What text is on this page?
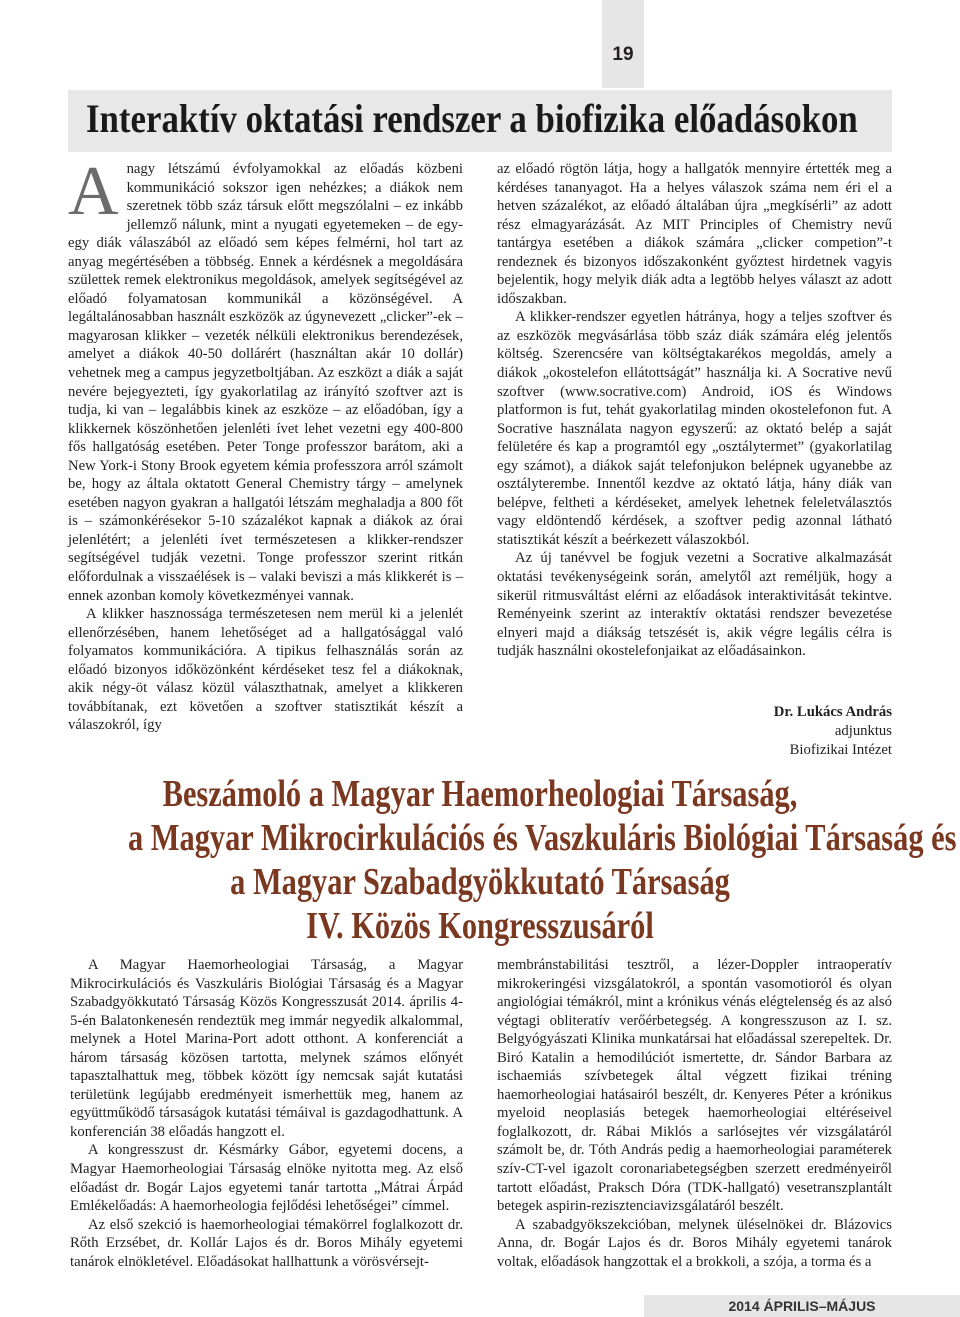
19
Interaktív oktatási rendszer a biofizika előadásokon
A nagy létszámú évfolyamokkal az előadás közbeni kommunikáció sokszor igen nehézkes; a diákok nem szeretnek több száz társuk előtt megszólalni – ez inkább jellemző nálunk, mint a nyugati egyetemeken – de egy-egy diák válaszából az előadó sem képes felmérni, hol tart az anyag megértésében a többség. Ennek a kérdésnek a megoldására születtek remek elektronikus megoldások, amelyek segítségével az előadó folyamatosan kommunikál a közönségével. A legáltalánosabban használt eszközök az úgynevezett „clicker”-ek – magyarosan klikker – vezeték nélküli elektronikus berendezések, amelyet a diákok 40-50 dollárért (használtan akár 10 dollár) vehetnek meg a campus jegyzetboltjában. Az eszközt a diák a saját nevére bejegyezteti, így gyakorlatilag az irányító szoftver azt is tudja, ki van – legalábbis kinek az eszköze – az előadóban, így a klikkernek köszönhetően jelenléti ívet lehet vezetni egy 400-800 fős hallgatóság esetében. Peter Tonge professzor barátom, aki a New York-i Stony Brook egyetem kémia professzora arról számolt be, hogy az általa oktatott General Chemistry tárgy – amelynek esetében nagyon gyakran a hallgatói létszám meghaladja a 800 főt is – számonkérésekor 5-10 százalékot kapnak a diákok az órai jelenlétért; a jelenléti ívet természetesen a klikker-rendszer segítségével tudják vezetni. Tonge professzor szerint ritkán előfordulnak a visszaélések is – valaki beviszi a más klikkerét is – ennek azonban komoly következményei vannak.

A klikker hasznossága természetesen nem merül ki a jelenlét ellenőrzésében, hanem lehetőséget ad a hallgatósággal való folyamatos kommunikációra. A tipikus felhasználás során az előadó bizonyos időközönként kérdéseket tesz fel a diákoknak, akik négy-öt válasz közül választhatnak, amelyet a klikkeren továbbítanak, ezt követően a szoftver statisztikát készít a válaszokról, így

az előadó rögtön látja, hogy a hallgatók mennyire értették meg a kérdéses tananyagot. Ha a helyes válaszok száma nem éri el a hetven százalékot, az előadó általában újra „megkísérli” az adott rész elmagyarázását. Az MIT Principles of Chemistry nevű tantárgya esetében a diákok számára „clicker competion”-t rendeznek és bizonyos időszakonként győztest hirdetnek vagyis bejelentik, hogy melyik diák adta a legtöbb helyes választ az adott időszakban.

A klikker-rendszer egyetlen hátránya, hogy a teljes szoftver és az eszközök megvásárlása több száz diák számára elég jelentős költség. Szerencsére van költségtakarékos megoldás, amely a diákok „okostelefon ellátottságát” használja ki. A Socrative nevű szoftver (www.socrative.com) Android, iOS és Windows platformon is fut, tehát gyakorlatilag minden okostelefonon fut. A Socrative használata nagyon egyszerű: az oktató belép a saját felületére és kap a programtól egy „osztálytermet” (gyakorlatilag egy számot), a diákok saját telefonjukon belépnek ugyanebbe az osztályterembe. Innentől kezdve az oktató látja, hány diák van belépve, feltheti a kérdéseket, amelyek lehetnek feleletválasztós vagy eldöntendő kérdések, a szoftver pedig azonnal látható statisztikát készít a beérkezett válaszokból.

Az új tanévvel be fogjuk vezetni a Socrative alkalmazását oktatási tevékenységeink során, amelytől azt reméljük, hogy a sikerül ritmusváltást elérni az előadások interaktivitását tekintve. Reményeink szerint az interaktív oktatási rendszer bevezetése elnyeri majd a diákság tetszését is, akik végre legális célra is tudják használni okostelefonjaikat az előadásainkon.

Dr. Lukács András
adjunktus
Biofizikai Intézet
Beszámoló a Magyar Haemorheologiai Társaság,
a Magyar Mikrocirkulációs és Vaszkuláris Biológiai Társaság és
a Magyar Szabadgyökkutató Társaság
IV. Közös Kongresszusáról

A Magyar Haemorheologiai Társaság, a Magyar Mikrocirkulációs és Vaszkuláris Biológiai Társaság és a Magyar Szabadgyökkutató Társaság Közös Kongresszusát 2014. április 4-5-én Balatonkenesén rendeztük meg immár negyedik alkalommal, melynek a Hotel Marina-Port adott otthont. A konferenciát a három társaság közösen tartotta, melynek számos előnyét tapasztalhattuk meg, többek között így nemcsak saját kutatási területünk legújabb eredményeit ismerhettük meg, hanem az együttműködő társaságok kutatási témáival is gazdagodhattunk. A konferencián 38 előadás hangzott el.

A kongresszust dr. Késmárky Gábor, egyetemi docens, a Magyar Haemorheologiai Társaság elnöke nyitotta meg. Az első előadást dr. Bogár Lajos egyetemi tanár tartotta „Mátrai Árpád Emlékelőadás: A haemorheologia fejlődési lehetőségei” címmel.

Az első szekció is haemorheologiai témakörrel foglalkozott dr. Rőth Erzsébet, dr. Kollár Lajos és dr. Boros Mihály egyetemi tanárok elnökletével. Előadásokat hallhattunk a vörösvérsejt-

membránstabilitási tesztről, a lézer-Doppler intraoperatív mikrokeringési vizsgálatokról, a spontán vasomotioról és olyan angiológiai témákról, mint a krónikus vénás elégtelenség és az alsó végtagi obliteratív verőérbetegség. A kongresszuson az I. sz. Belgyógyászati Klinika munkatársai hat előadással szerepeltek. Dr. Biró Katalin a hemodilúciót ismertette, dr. Sándor Barbara az ischaemiás szívbetegek által végzett fizikai tréning haemorheologiai hatásairól beszélt, dr. Kenyeres Péter a krónikus myeloid neoplasiás betegek haemorheologiai eltéréseivel foglalkozott, dr. Rábai Miklós a sarlósejtes vér vizsgálatáról számolt be, dr. Tóth András pedig a haemorheologiai paraméterek szív-CT-vel igazolt coronariabetegségben szerzett eredményeiről tartott előadást, Praksch Dóra (TDK-hallgató) vesetranszplantált betegek aspirin-rezisztenciavizsgálatáról beszélt.

A szabadgyökszekcióban, melynek üléselnökei dr. Blázovics Anna, dr. Bogár Lajos és dr. Boros Mihály egyetemi tanárok voltak, előadások hangzottak el a brokkoli, a szója, a torma és a

2014 ÁPRILIS–MÁJUS
